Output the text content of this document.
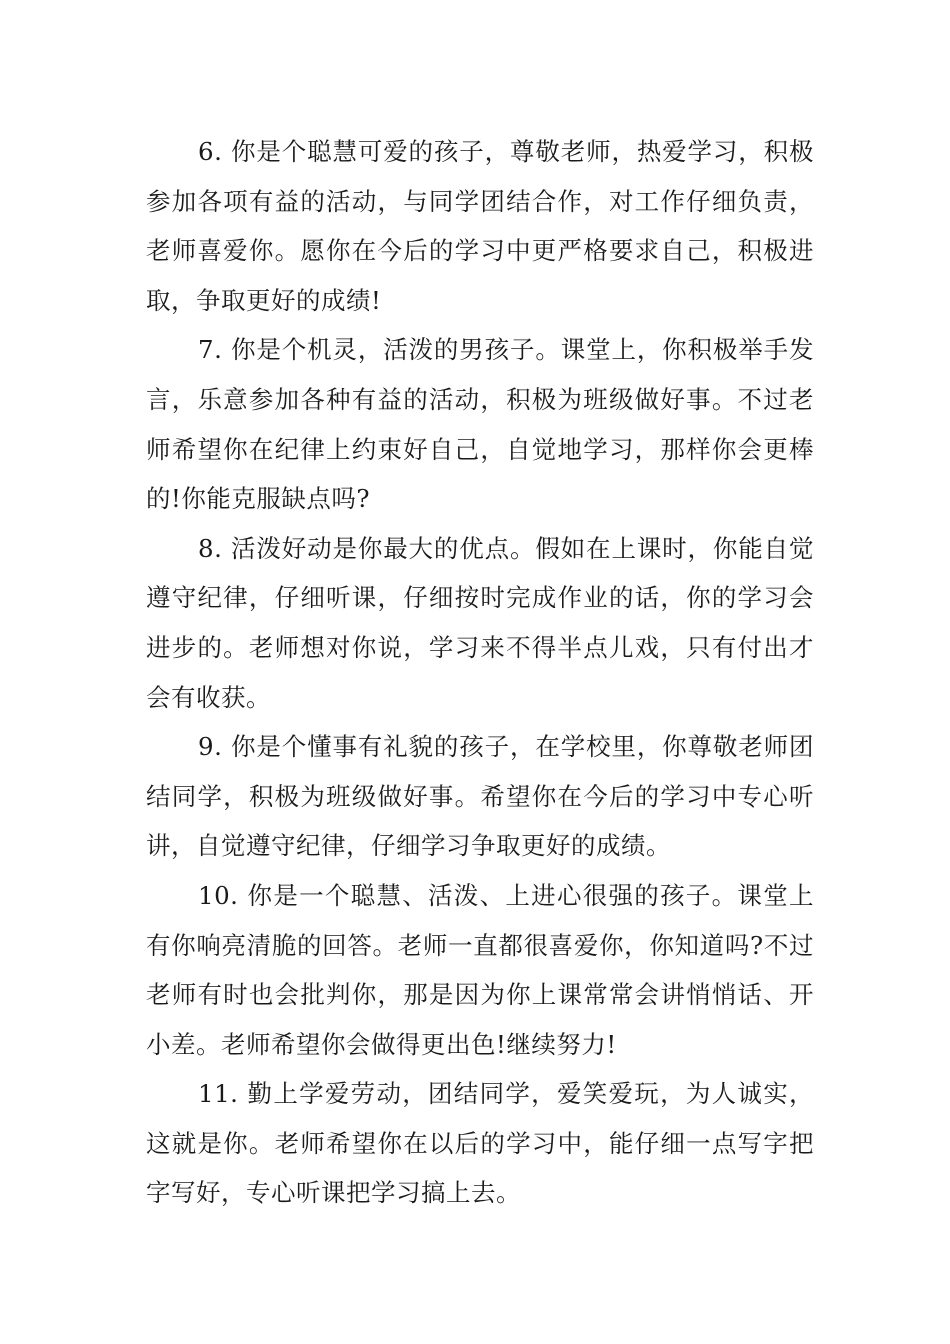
6. 你是个聪慧可爱的孩子，尊敬老师，热爱学习，积极参加各项有益的活动，与同学团结合作，对工作仔细负责，老师喜爱你。愿你在今后的学习中更严格要求自己，积极进取，争取更好的成绩!

7. 你是个机灵，活泼的男孩子。课堂上，你积极举手发言，乐意参加各种有益的活动，积极为班级做好事。不过老师希望你在纪律上约束好自己，自觉地学习，那样你会更棒的!你能克服缺点吗?

8. 活泼好动是你最大的优点。假如在上课时，你能自觉遵守纪律，仔细听课，仔细按时完成作业的话，你的学习会进步的。老师想对你说，学习来不得半点儿戏，只有付出才会有收获。

9. 你是个懂事有礼貌的孩子，在学校里，你尊敬老师团结同学，积极为班级做好事。希望你在今后的学习中专心听讲，自觉遵守纪律，仔细学习争取更好的成绩。

10. 你是一个聪慧、活泼、上进心很强的孩子。课堂上有你响亮清脆的回答。老师一直都很喜爱你，你知道吗?不过老师有时也会批判你，那是因为你上课常常会讲悄悄话、开小差。老师希望你会做得更出色!继续努力!

11. 勤上学爱劳动，团结同学，爱笑爱玩，为人诚实，这就是你。老师希望你在以后的学习中，能仔细一点写字把字写好，专心听课把学习搞上去。
